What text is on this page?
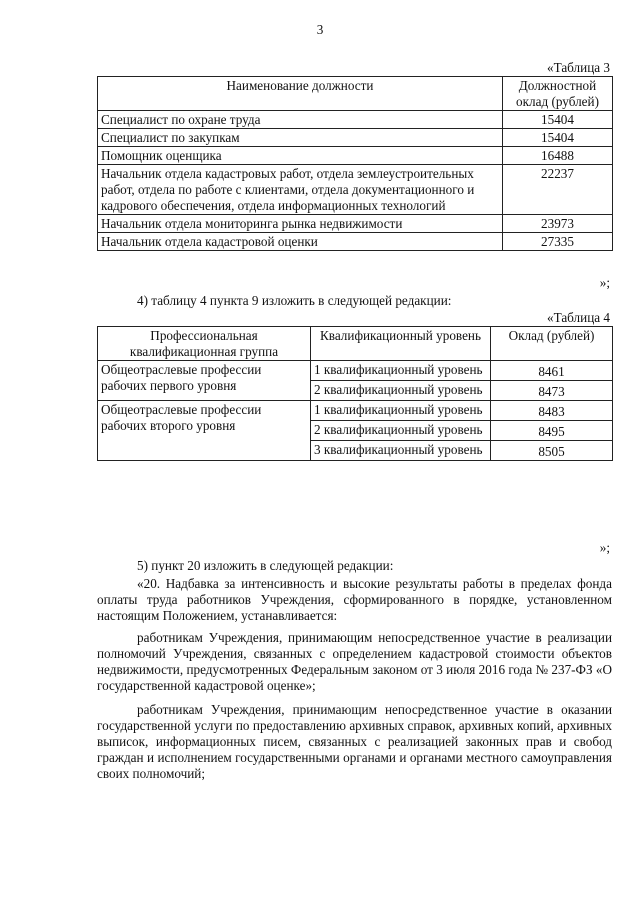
3
«Таблица 3
Наименование должности	Должностной оклад (рублей)
Специалист по охране труда	15404
Специалист по закупкам	15404
Помощник оценщика	16488
Начальник отдела кадастровых работ, отдела землеустроительных работ, отдела по работе с клиентами, отдела документационного и кадрового обеспечения, отдела информационных технологий	22237
Начальник отдела мониторинга рынка недвижимости	23973
Начальник отдела кадастровой оценки	27335
»;
4) таблицу 4 пункта 9 изложить в следующей редакции:
«Таблица 4
Профессиональная квалификационная группа	Квалификационный уровень	Оклад (рублей)
Общеотраслевые профессии рабочих первого уровня	1 квалификационный уровень	8461
	2 квалификационный уровень	8473
Общеотраслевые профессии рабочих второго уровня	1 квалификационный уровень	8483
	2 квалификационный уровень	8495
	3 квалификационный уровень	8505
»;
5) пункт 20 изложить в следующей редакции:
«20. Надбавка за интенсивность и высокие результаты работы в пределах фонда оплаты труда работников Учреждения, сформированного в порядке, установленном настоящим Положением, устанавливается:
работникам Учреждения, принимающим непосредственное участие в реализации полномочий Учреждения, связанных с определением кадастровой стоимости объектов недвижимости, предусмотренных Федеральным законом от 3 июля 2016 года № 237-ФЗ «О государственной кадастровой оценке»;
работникам Учреждения, принимающим непосредственное участие в оказании государственной услуги по предоставлению архивных справок, архивных копий, архивных выписок, информационных писем, связанных с реализацией законных прав и свобод граждан и исполнением государственными органами и органами местного самоуправления своих полномочий;
